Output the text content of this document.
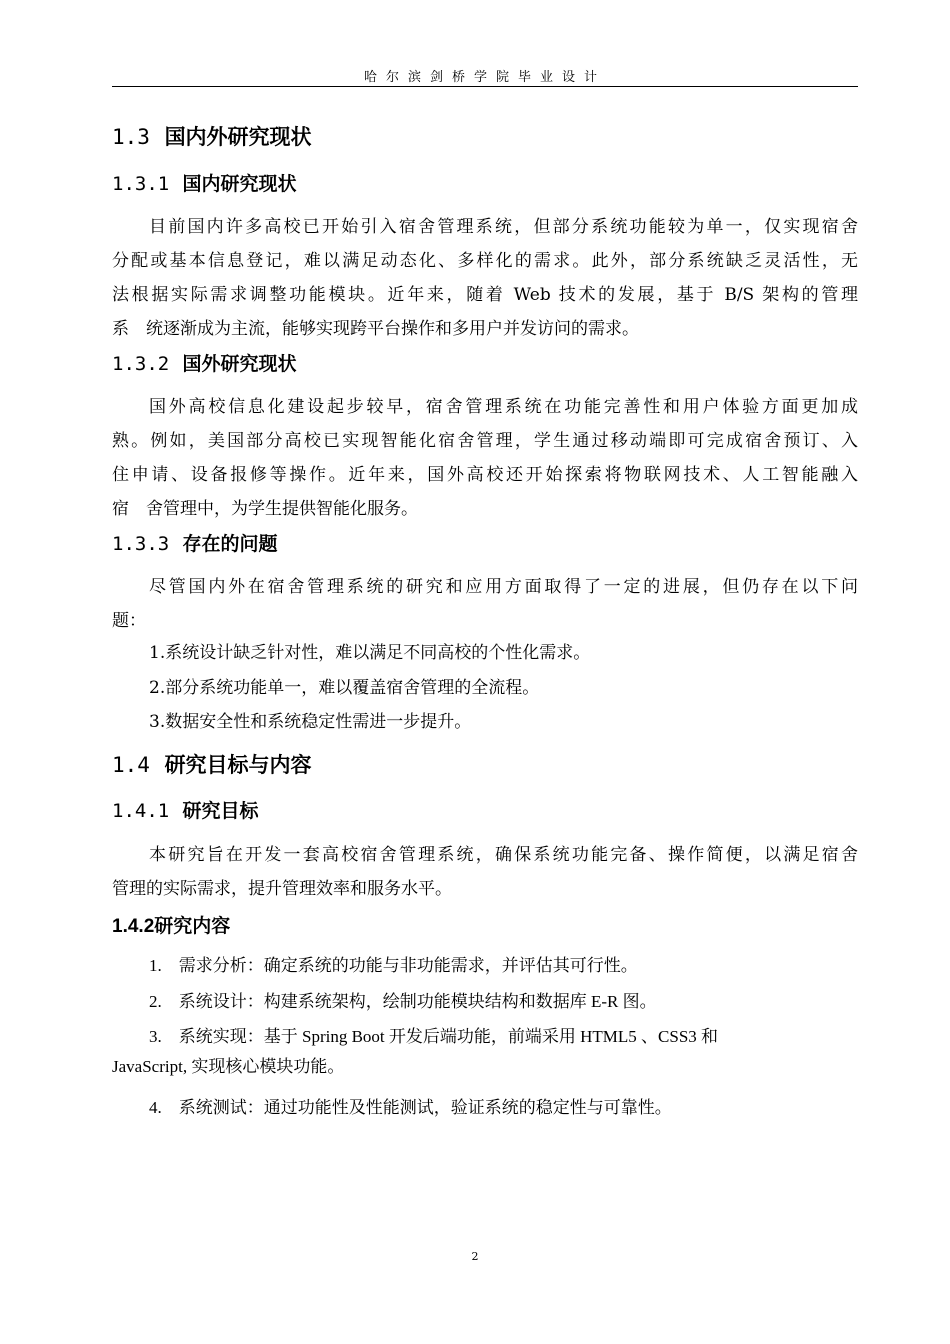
哈尔滨剑桥学院毕业设计
1.3 国内外研究现状
1.3.1 国内研究现状
目前国内许多高校已开始引入宿舍管理系统，但部分系统功能较为单一，仅实现宿舍
分配或基本信息登记，难以满足动态化、多样化的需求。此外，部分系统缺乏灵活性，无
法根据实际需求调整功能模块。近年来，随着 Web 技术的发展，基于 B/S 架构的管理
系　统逐渐成为主流，能够实现跨平台操作和多用户并发访问的需求。
1.3.2 国外研究现状
国外高校信息化建设起步较早，宿舍管理系统在功能完善性和用户体验方面更加成
熟。例如，美国部分高校已实现智能化宿舍管理，学生通过移动端即可完成宿舍预订、入
住申请、设备报修等操作。近年来，国外高校还开始探索将物联网技术、人工智能融入
宿　舍管理中，为学生提供智能化服务。
1.3.3 存在的问题
尽管国内外在宿舍管理系统的研究和应用方面取得了一定的进展，但仍存在以下问
题：
1.系统设计缺乏针对性，难以满足不同高校的个性化需求。
2.部分系统功能单一，难以覆盖宿舍管理的全流程。
3.数据安全性和系统稳定性需进一步提升。
1.4 研究目标与内容
1.4.1 研究目标
本研究旨在开发一套高校宿舍管理系统，确保系统功能完备、操作简便，以满足宿舍
管理的实际需求，提升管理效率和服务水平。
1.4.2研究内容
1.　需求分析：确定系统的功能与非功能需求，并评估其可行性。
2.　系统设计：构建系统架构，绘制功能模块结构和数据库 E-R 图。
3.　系统实现：基于 Spring Boot 开发后端功能，前端采用 HTML5 、CSS3 和
JavaScript, 实现核心模块功能。
4.　系统测试：通过功能性及性能测试，验证系统的稳定性与可靠性。
2
